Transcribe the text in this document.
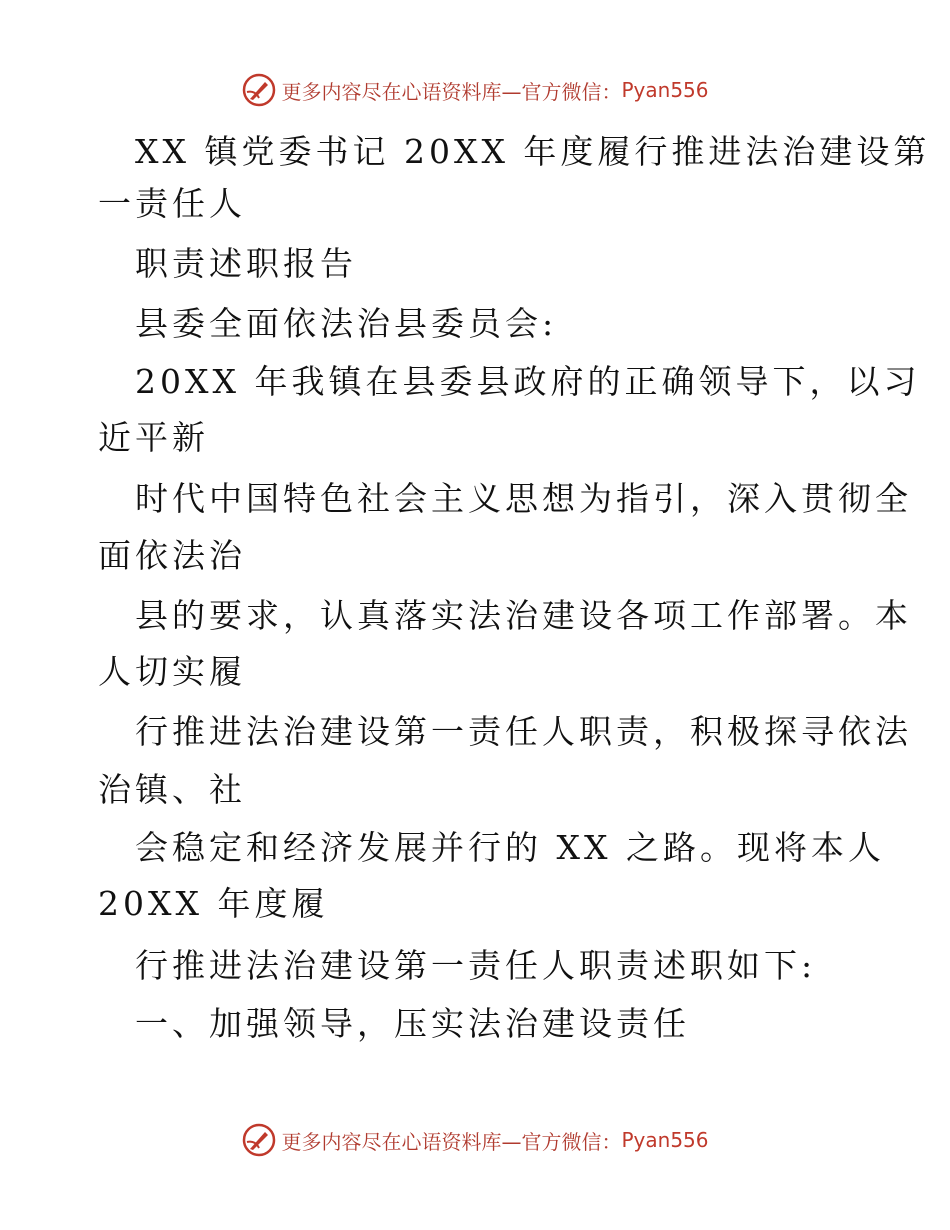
更多内容尽在心语资料库—官方微信： Pyan556
XX 镇党委书记 20XX 年度履行推进法治建设第
一责任人
职责述职报告
县委全面依法治县委员会:
20XX 年我镇在县委县政府的正确领导下，以习
近平新
时代中国特色社会主义思想为指引，深入贯彻全
面依法治
县的要求，认真落实法治建设各项工作部署。本
人切实履
行推进法治建设第一责任人职责，积极探寻依法
治镇、社
会稳定和经济发展并行的 XX 之路。现将本人
20XX 年度履
行推进法治建设第一责任人职责述职如下:
一、加强领导，压实法治建设责任
更多内容尽在心语资料库—官方微信： Pyan556
